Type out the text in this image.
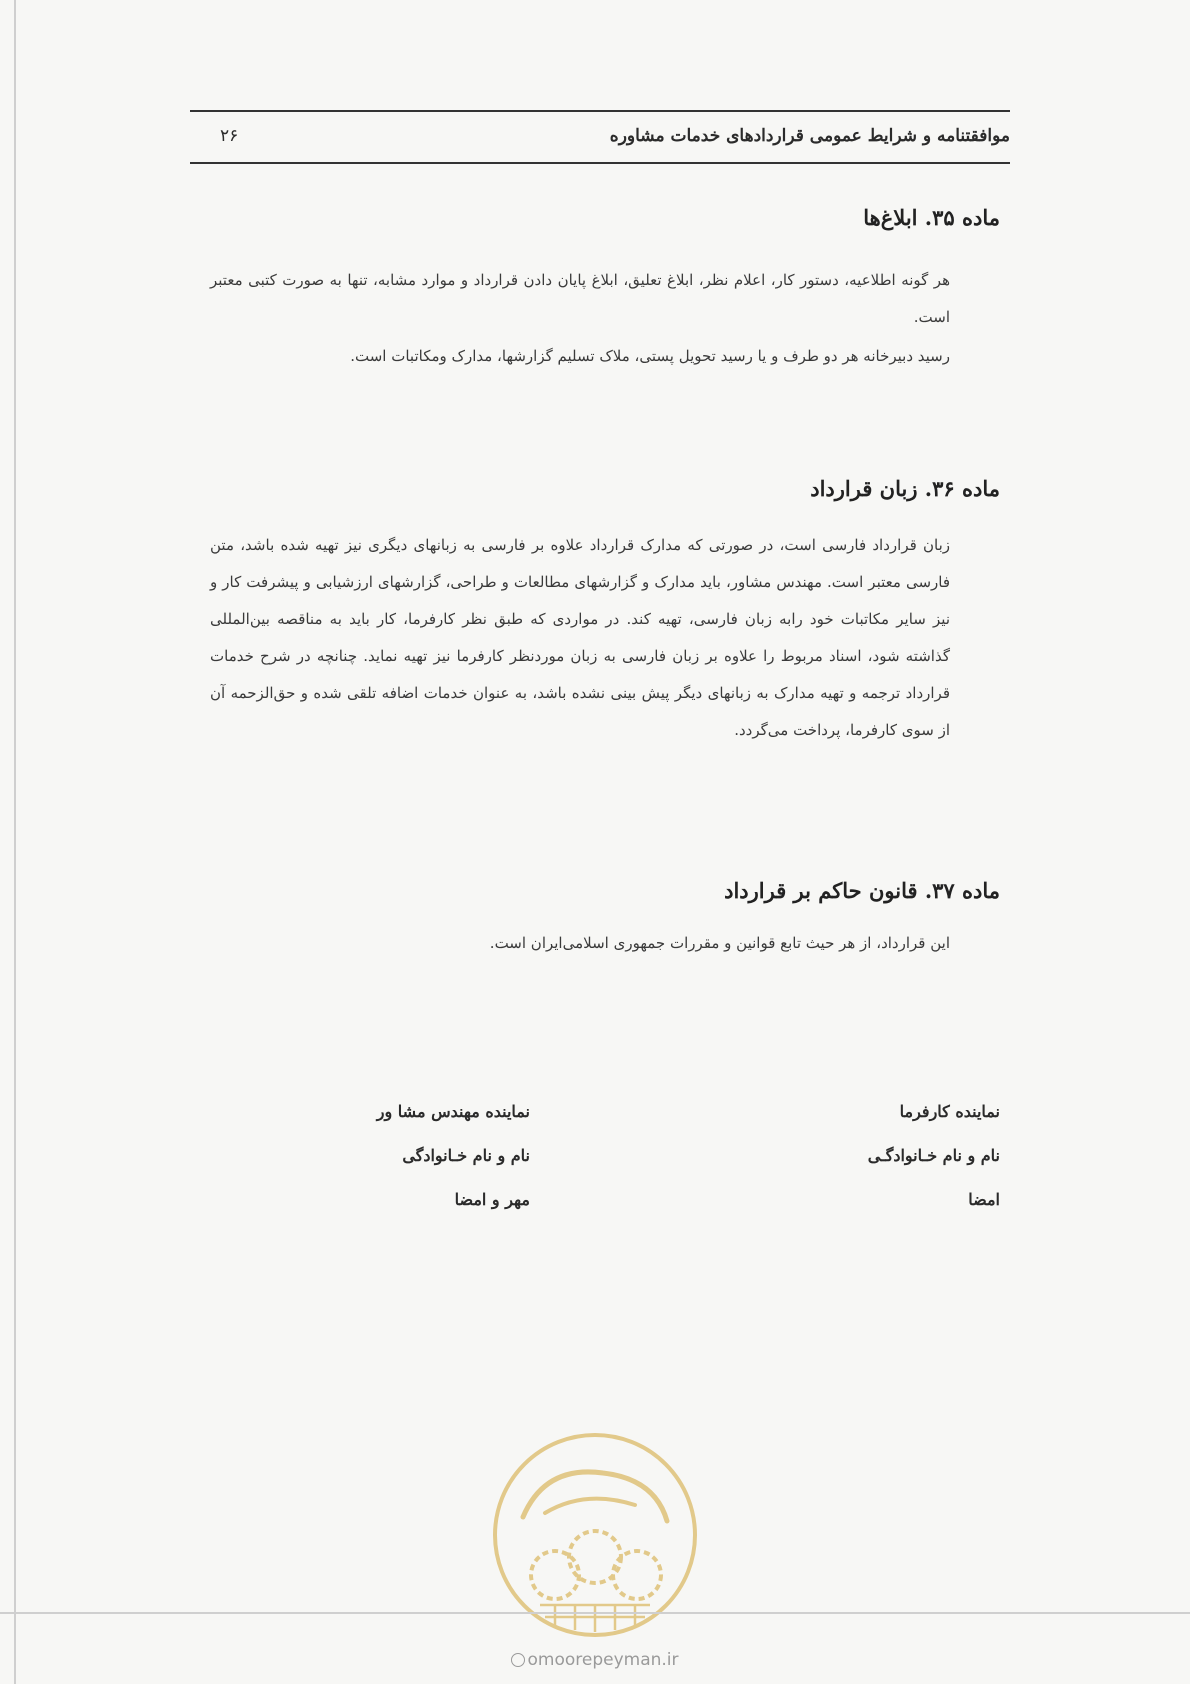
موافقتنامه و شرایط عمومی قراردادهای خدمات مشاوره
۲۶
ماده ۳۵. ابلاغ‌ها

هر گونه اطلاعیه، دستور کار، اعلام نظر، ابلاغ تعلیق، ابلاغ پایان دادن قرارداد و موارد مشابه، تنها به صورت کتبی معتبر است.

رسید دبیرخانه هر دو طرف و یا رسید تحویل پستی، ملاک تسلیم گزارشها، مدارک ومکاتبات است.

ماده ۳۶. زبان قرارداد

زبان قرارداد فارسی است، در صورتی که مدارک قرارداد علاوه بر فارسی به زبانهای دیگری نیز تهیه شده باشد، متن فارسی معتبر است. مهندس مشاور، باید مدارک و گزارشهای مطالعات و طراحی، گزارشهای ارزشیابی و پیشرفت کار و نیز سایر مکاتبات خود رابه زبان فارسی، تهیه کند. در مواردی که طبق نظر کارفرما، کار باید به مناقصه بین‌المللی گذاشته شود، اسناد مربوط را علاوه بر زبان فارسی به زبان موردنظر کارفرما نیز تهیه نماید. چنانچه در شرح خدمات قرارداد ترجمه و تهیه مدارک به زبانهای دیگر پیش بینی نشده باشد، به عنوان خدمات اضافه تلقی شده و حق‌الزحمه آن از سوی کارفرما، پرداخت می‌گردد.

ماده ۳۷. قانون حاکم بر قرارداد

این قرارداد، از هر حیث تابع قوانین و مقررات جمهوری اسلامی‌ایران است.

نماینده کارفرما
نام و نام خـانوادگـی
امضا
نماینده مهندس مشا ور
نام و نام خـانوادگی
مهر و امضا
omoorepeyman.ir
